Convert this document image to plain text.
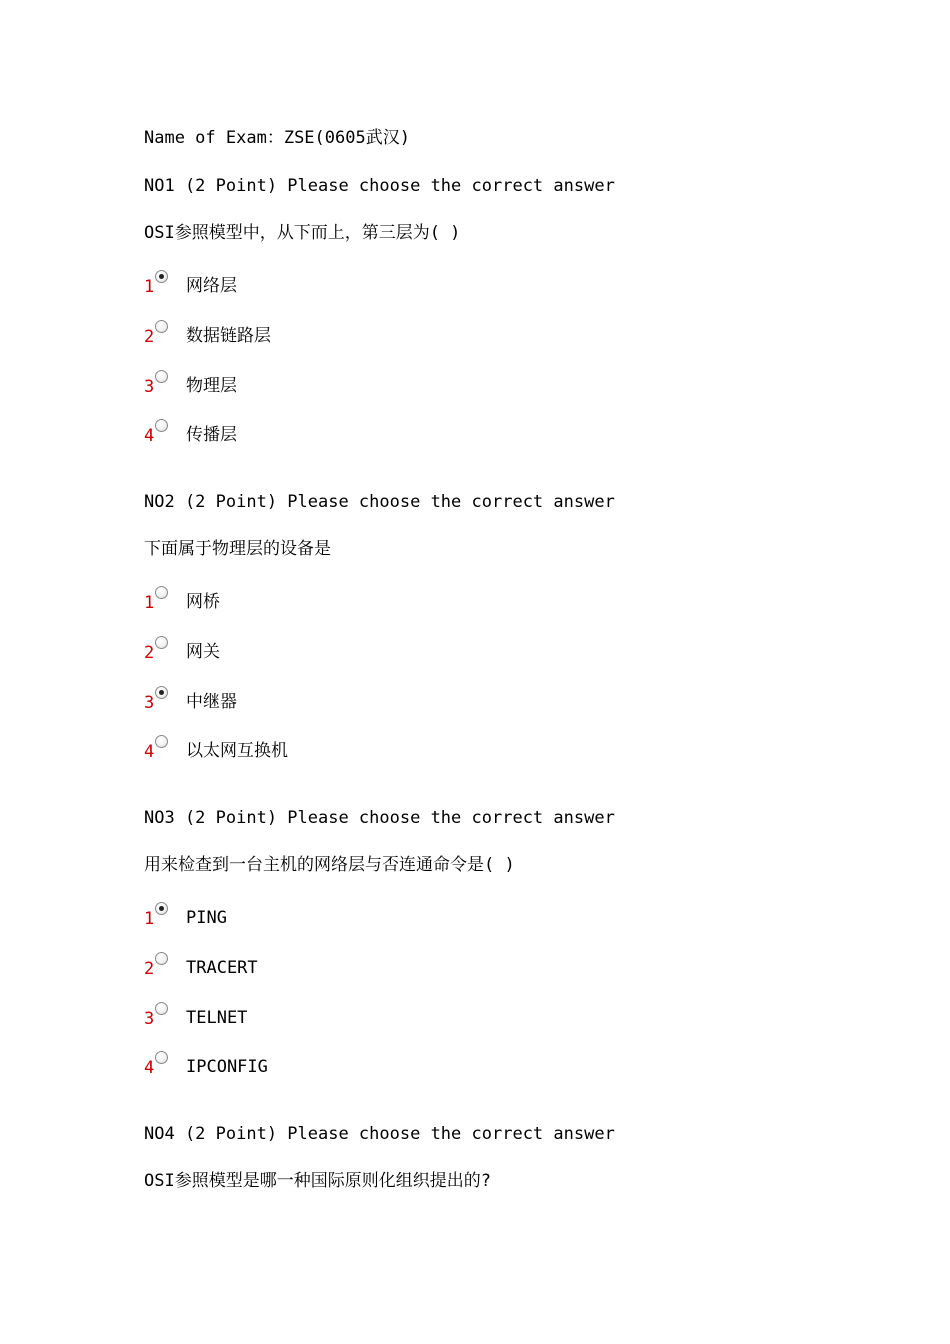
Name of Exam：ZSE(0605武汉)
NO1 (2 Point) Please choose the correct answer
OSI参照模型中，从下而上，第三层为( )
1 网络层
2 数据链路层
3 物理层
4 传播层
NO2 (2 Point) Please choose the correct answer
下面属于物理层的设备是
1 网桥
2 网关
3 中继器
4 以太网互换机
NO3 (2 Point) Please choose the correct answer
用来检查到一台主机的网络层与否连通命令是( )
1 PING
2 TRACERT
3 TELNET
4 IPCONFIG
NO4 (2 Point) Please choose the correct answer
OSI参照模型是哪一种国际原则化组织提出的?
